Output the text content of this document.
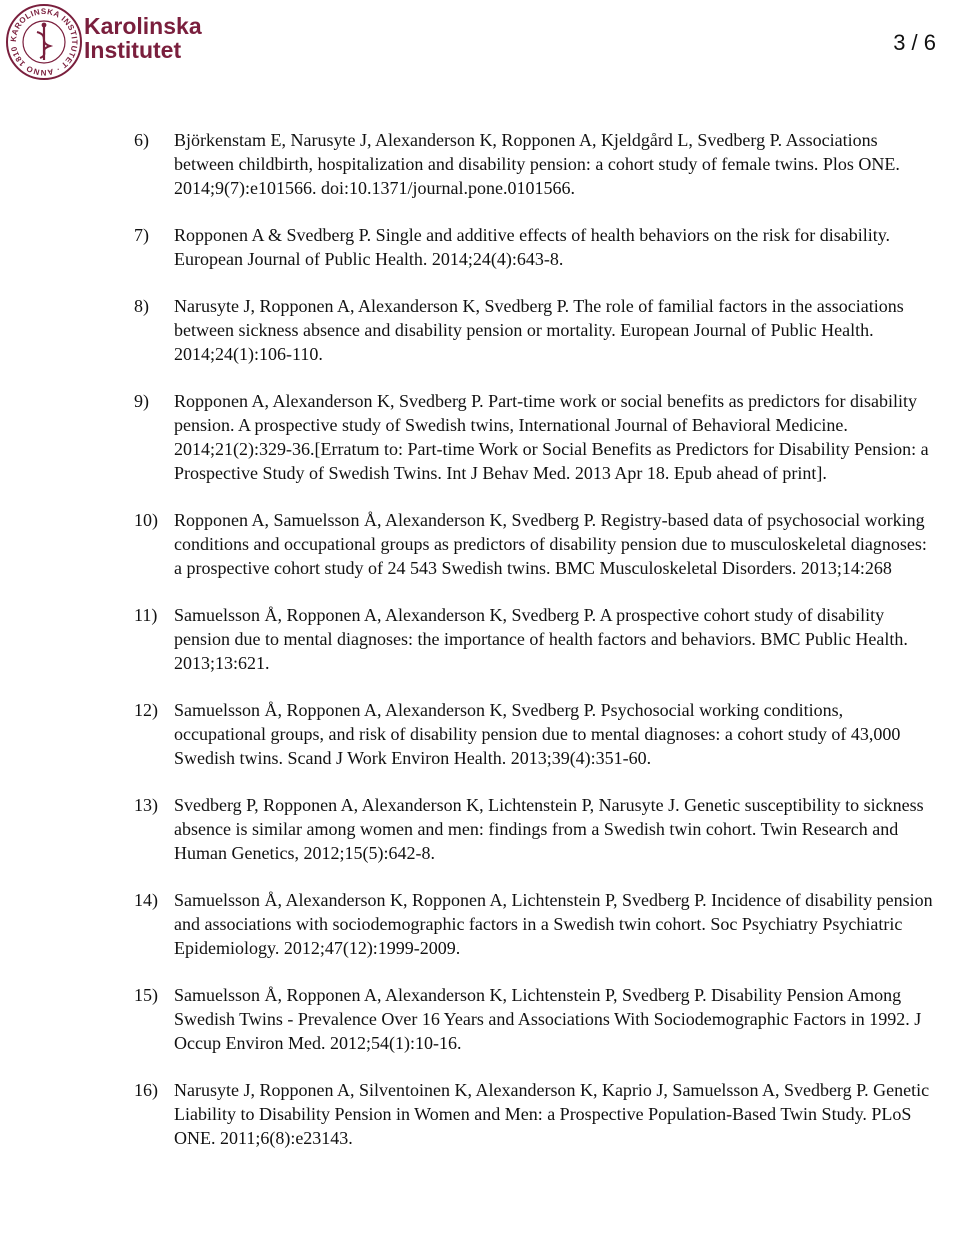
KAROLINSKA INSTITUTET · ANNO 1810
Karolinska
Institutet	3 / 6
6) Björkenstam E, Narusyte J, Alexanderson K, Ropponen A, Kjeldgård L, Svedberg P. Associations between childbirth, hospitalization and disability pension: a cohort study of female twins. Plos ONE. 2014;9(7):e101566. doi:10.1371/journal.pone.0101566.
7) Ropponen A & Svedberg P. Single and additive effects of health behaviors on the risk for disability. European Journal of Public Health. 2014;24(4):643-8.
8) Narusyte J, Ropponen A, Alexanderson K, Svedberg P. The role of familial factors in the associations between sickness absence and disability pension or mortality. European Journal of Public Health. 2014;24(1):106-110.
9) Ropponen A, Alexanderson K, Svedberg P. Part-time work or social benefits as predictors for disability pension. A prospective study of Swedish twins, International Journal of Behavioral Medicine. 2014;21(2):329-36.[Erratum to: Part-time Work or Social Benefits as Predictors for Disability Pension: a Prospective Study of Swedish Twins. Int J Behav Med. 2013 Apr 18. Epub ahead of print].
10) Ropponen A, Samuelsson Å, Alexanderson K, Svedberg P. Registry-based data of psychosocial working conditions and occupational groups as predictors of disability pension due to musculoskeletal diagnoses: a prospective cohort study of 24 543 Swedish twins. BMC Musculoskeletal Disorders. 2013;14:268
11) Samuelsson Å, Ropponen A, Alexanderson K, Svedberg P. A prospective cohort study of disability pension due to mental diagnoses: the importance of health factors and behaviors. BMC Public Health. 2013;13:621.
12) Samuelsson Å, Ropponen A, Alexanderson K, Svedberg P. Psychosocial working conditions, occupational groups, and risk of disability pension due to mental diagnoses: a cohort study of 43,000 Swedish twins. Scand J Work Environ Health. 2013;39(4):351-60.
13) Svedberg P, Ropponen A, Alexanderson K, Lichtenstein P, Narusyte J. Genetic susceptibility to sickness absence is similar among women and men: findings from a Swedish twin cohort. Twin Research and Human Genetics, 2012;15(5):642-8.
14) Samuelsson Å, Alexanderson K, Ropponen A, Lichtenstein P, Svedberg P. Incidence of disability pension and associations with sociodemographic factors in a Swedish twin cohort. Soc Psychiatry Psychiatric Epidemiology. 2012;47(12):1999-2009.
15) Samuelsson Å, Ropponen A, Alexanderson K, Lichtenstein P, Svedberg P. Disability Pension Among Swedish Twins - Prevalence Over 16 Years and Associations With Sociodemographic Factors in 1992. J Occup Environ Med. 2012;54(1):10-16.
16) Narusyte J, Ropponen A, Silventoinen K, Alexanderson K, Kaprio J, Samuelsson A, Svedberg P. Genetic Liability to Disability Pension in Women and Men: a Prospective Population-Based Twin Study. PLoS ONE. 2011;6(8):e23143.
